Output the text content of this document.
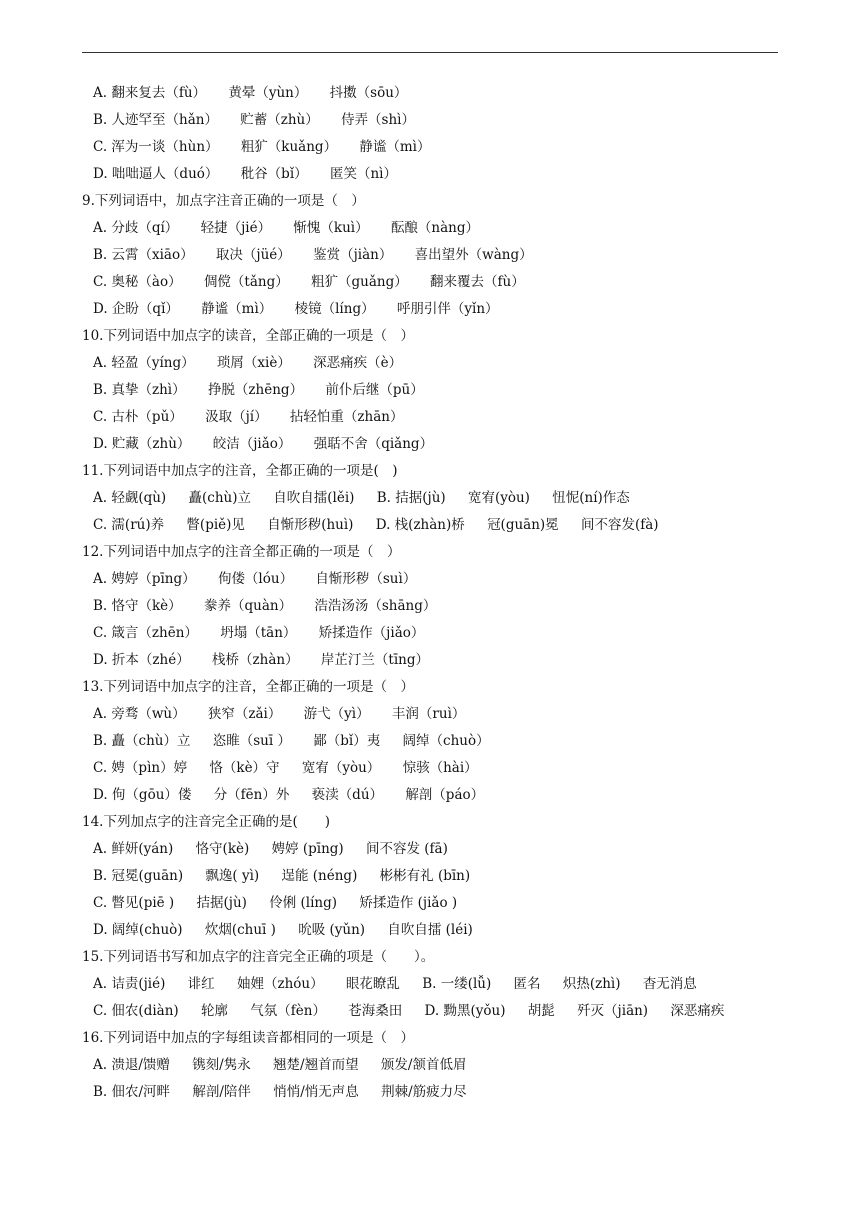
A. 翻来复去（fù） 黄晕（yùn） 抖擞（sōu）
B. 人迹罕至（hǎn） 贮蓄（zhù） 侍弄（shì）
C. 浑为一谈（hùn） 粗犷（kuǎng） 静谧（mì）
D. 咄咄逼人（duó） 秕谷（bǐ） 匿笑（nì）
9.下列词语中，加点字注音正确的一项是（　）
A. 分歧（qí） 轻捷（jié） 惭愧（kuì） 酝酿（nàng）
B. 云霄（xiāo） 取决（jüé） 鉴赏（jiàn） 喜出望外（wàng）
C. 奥秘（ào） 倜傥（tǎng） 粗犷（guǎng） 翻来覆去（fù）
D. 企盼（qǐ） 静谧（mì） 棱镜（líng） 呼朋引伴（yǐn）
10.下列词语中加点字的读音，全部正确的一项是（　）
A. 轻盈（yíng） 琐屑（xiè） 深恶痛疾（è）
B. 真挚（zhì） 挣脱（zhēng） 前仆后继（pū）
C. 古朴（pǔ） 汲取（jí） 拈轻怕重（zhān）
D. 贮藏（zhù） 皎洁（jiǎo） 强聒不舍（qiǎng）
11.下列词语中加点字的注音，全都正确的一项是(　)
A. 轻觑(qù) 矗(chù)立 自吹自擂(lěi) B. 拮据(jù) 宽宥(yòu) 忸怩(ní)作态
C. 濡(rú)养 瞥(piě)见 自惭形秽(huì) D. 栈(zhàn)桥 冠(guān)冕 间不容发(fà)
12.下列词语中加点字的注音全都正确的一项是（　）
A. 娉婷（pīng） 佝偻（lóu） 自惭形秽（suì）
B. 恪守（kè） 豢养（quàn） 浩浩汤汤（shāng）
C. 箴言（zhēn） 坍塌（tān） 矫揉造作（jiǎo）
D. 折本（zhé） 栈桥（zhàn） 岸芷汀兰（tīng）
13.下列词语中加点字的注音，全都正确的一项是（　）
A. 旁骛（wù） 狭窄（zǎi） 游弋（yì） 丰润（ruì）
B. 矗（chù）立 恣睢（suī ） 鄙（bǐ）夷 阔绰（chuò）
C. 娉（pìn）婷 恪（kè）守 宽宥（yòu） 惊骇（hài）
D. 佝（gōu）偻 分（fēn）外 亵渎（dú） 解剖（páo）
14.下列加点字的注音完全正确的是(　　)
A. 鲜妍(yán) 恪守(kè) 娉婷 (pīng) 间不容发 (fā)
B. 冠冕(guān) 飘逸( yì) 逞能 (néng) 彬彬有礼 (bīn)
C. 瞥见(piē ) 拮据(jù) 伶俐 (líng) 矫揉造作 (jiǎo )
D. 阔绰(chuò) 炊烟(chuī ) 吮吸 (yǔn) 自吹自擂 (léi)
15.下列词语书写和加点字的注音完全正确的项是（　　）。
A. 诘责(jié) 诽红 妯娌（zhóu） 眼花瞭乱 B. 一缕(lǚ) 匿名 炽热(zhì) 杳无消息
C. 佃农(diàn) 轮廓 气氛（fèn） 苍海桑田 D. 黝黑(yǒu) 胡髭 歼灭（jiān) 深恶痛疾
16.下列词语中加点的字每组读音都相同的一项是（　）
A. 溃退/馈赠 镌刻/隽永 翘楚/翘首而望 颁发/颔首低眉
B. 佃农/河畔 解剖/陪伴 悄悄/悄无声息 荆棘/筋疲力尽
